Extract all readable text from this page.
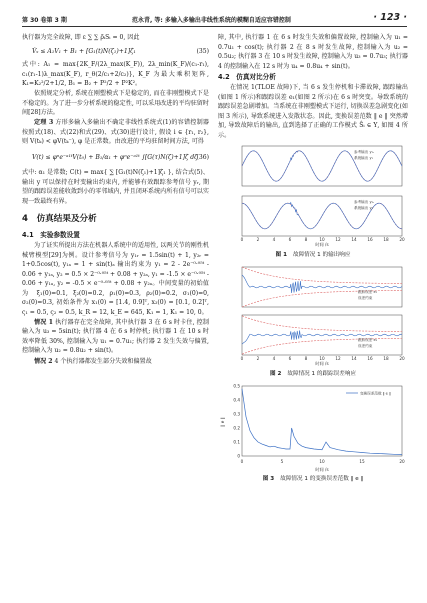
第 30 卷第 3 期	范永青, 等: 多输入多输出非线性系统的模糊自适应容错控制	· 123 ·

执行器为完全故障, 即 ε ∑ ∑ ρ̃ᵢSᵢ = 0, 因此

V̇ₛ ≤ A₁V₁ + B₁ + [G₁(t)N(ζ₁)+1]ζ̇₁	(35)

式中: A₁ = max{2K_F/(2λ_max(K_F)), 2λ_min(K_F)/(c₁-r₁), c₁(r₁-1)λ_max(K_F), r_θ(2/c₁+2/c₂)}, K_F 为最大乘积矩阵, K₁=K₂²/2+1/2, B₁ = B₂ + P²/2 + P²K²。

依照规定分析, 系统在刚塑模式下是稳定的, 而在非刚塑模式下是不稳定的。为了进一步分析系统的稳定性, 可以采用改进的平均驻留时间[28]方法。

定理 3 方形多输入多输出不确定非线性系统式(1)的容错控制器按照式(18)、式(22)和式(29)、式(30)进行设计, 假设 i ∈ {r₁, r₂}, 则 V(tₖ) < φV(tₖ⁻), φ 是正常数。由改进的平均驻留时间方法, 可得

V(t) ≤ φⁿe⁻ᵃ¹ᵗV(t₀) + B₁/α₁ + φⁿe⁻ᵃ¹ᵗ ∫[G(τ)N(ζ)+1]ζ̇ dζ (36)

式中: α₁ 是常数; C(t) = max{ ∑ [G₁(t)N(ζ₁)+1]ζ̇₁ }, 结合式(5)、输出 y 可以保持在时变输出约束内, 并能够有效跟踪参考信号 yᵣ, 期望的跟踪误差能收敛到小的零邻域内, 并且闭环系统内所有信号可以实现一致最终有界。

4　仿真结果及分析
4.1　实验参数设置

为了证实所提出方法在机器人系统中的适用性, 以两关节的刚性机械臂模型[29]为例。设计参考信号为 y₁ᵣ = 1.5sin(t) + 1, y₂ᵣ = 1+0.5cos(t), y₁ₐ = 1 + sin(t)ₐ 输出约束为 y₁ = 2 - 2e⁻⁰·⁰⁵ᵗ - 0.06 + y₁ₐ, y₂ = 0.5 × 2⁻⁰·⁰⁵ᵗ + 0.08 + y₂ₐ, y₁ = -1.5 × e⁻⁰·⁰⁵ᵗ - 0.06 + y₁ₐ, y₂ = -0.5 × e⁻⁰·⁰⁵ᵗ + 0.08 + y₂ₐ。中间变量的初始值为 ξ₁(0)=0.1, ξ₂(0)=0.2, ρ₁(0)=0.3, ρ₂(0)=0.2, σ₁(0)=0, σ₂(0)=0.3, 初始条件为 x₁(0) = [1.4, 0.9]ᵀ, x₂(0) = [0.1, 0.2]ᵀ, ς₁ = 0.5, ς₂ = 0.5, k_R = 12, k_E = 645, K₁ = 1, K₁ = 10, 0。

情况 1 执行器存在完全故障, 其中执行器 3 在 6 s 时卡住, 控制输入为 u₃ = 5sin(t); 执行器 4 在 6 s 时停机; 执行器 1 在 10 s 时效率降低 30%, 控制输入为 u₁ = 0.7u₁; 执行器 2 发生失效与偏置, 控制输入为 u₂ = 0.8u₂ + sin(t)。

情况 2 4 个执行器都发生部分失效和偏置故

障, 其中, 执行器 1 在 6 s 时发生失效和偏置故障, 控制输入为 u₁ = 0.7u₁ + cos(t); 执行器 2 在 8 s 时发生故障, 控制输入为 u₂ = 0.5u₂; 执行器 3 在 10 s 时发生故障, 控制输入为 u₃ = 0.7u₃; 执行器 4 的控制输入在 12 s 时为 u₄ = 0.8u₄ + sin(t)。

4.2　仿真对比分析

在情况 1(TLOE 故障)下, 当 6 s 发生停机和卡滞故障, 跟踪输出(如图 1 所示)和跟踪误差 e₁(如图 2 所示)在 6 s 时突变。导致系统的跟踪误差急剧增加。当系统在非刚塑模式下运行, 切换误差急剧变化(如图 3 所示), 导致系统进入发散状态。因此, 变换误差范数 ‖ e ‖ 突然增加, 导致故障后的输出, 直到选择了正确的工作模式 Ŝᵢ ∈ Υ, 如图 4 所示。

参考输出 y₁ᵣ
系统输出 y₁
参考输出 y₂ᵣ
系统输出 y₂
0	2	4	6	8	10	12	14	16	18	20
时间 /s
图 1 故障情况 1 的输出响应
跟踪误差 e₁
误差约束
跟踪误差 e₂
误差约束
0	2	4	6	8	10	12	14	16	18	20
时间 /s
图 2 故障情况 1 的跟踪误差响应
0
0.1
0.2
0.3
0.4
0.5
0	5	10	15	20
变换误差范数 ‖ e ‖
‖ e ‖
时间 /s
图 3 故障情况 1 的变换误差范数 ‖ e ‖
